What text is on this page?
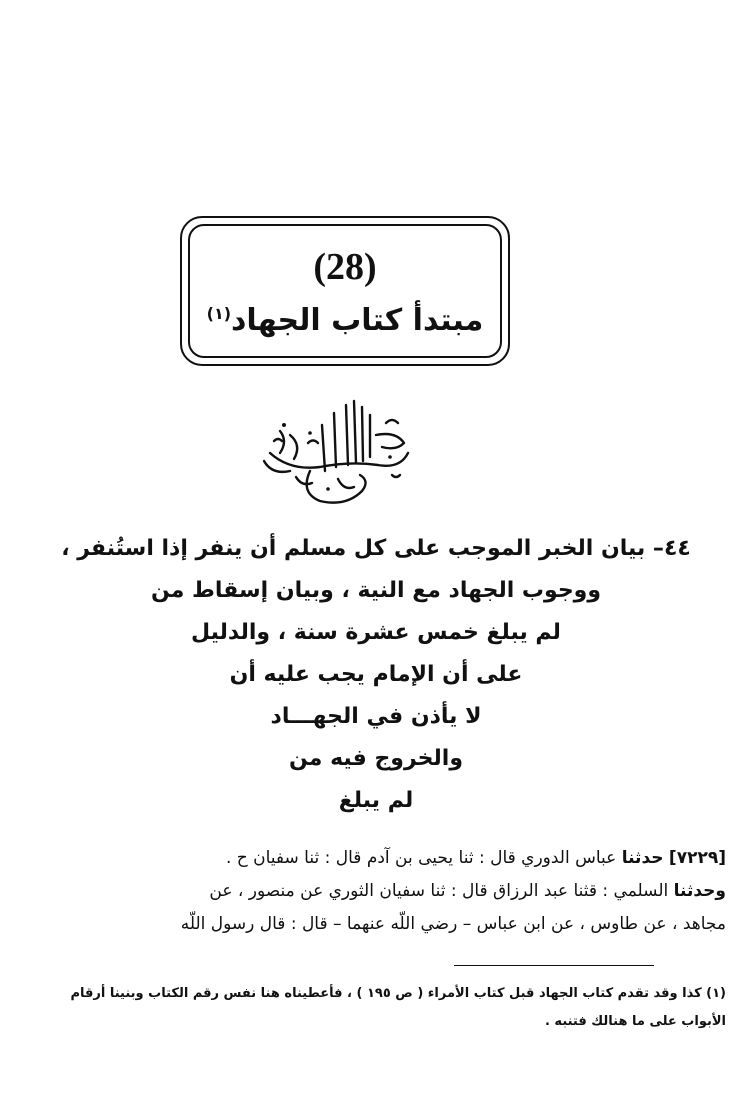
(28)
مبتدأ كتاب الجهاد$^{(١)}$
٤٤– بيان الخبر الموجب على كل مسلم أن ينفر إذا استُنفر ،
ووجوب الجهاد مع النية ، وبيان إسقاط من
لم يبلغ خمس عشرة سنة ، والدليل
على أن الإمام يجب عليه أن
لا يأذن في الجهـــاد
والخروج فيه من
لم يبلغ
[٧٢٢٩] حدثنا عباس الدوري قال : ثنا يحيى بن آدم قال : ثنا سفيان ح .
وحدثنا السلمي : قثنا عبد الرزاق قال : ثنا سفيان الثوري عن منصور ، عن
مجاهد ، عن طاوس ، عن ابن عباس – رضي اللّه عنهما – قال : قال رسول اللّه
(١) كذا وقد تقدم كتاب الجهاد قبل كتاب الأمراء ( ص ١٩٥ ) ، فأعطيناه هنا نفس رقم الكتاب وبنينا أرقام
الأبواب على ما هنالك فتنبه .
